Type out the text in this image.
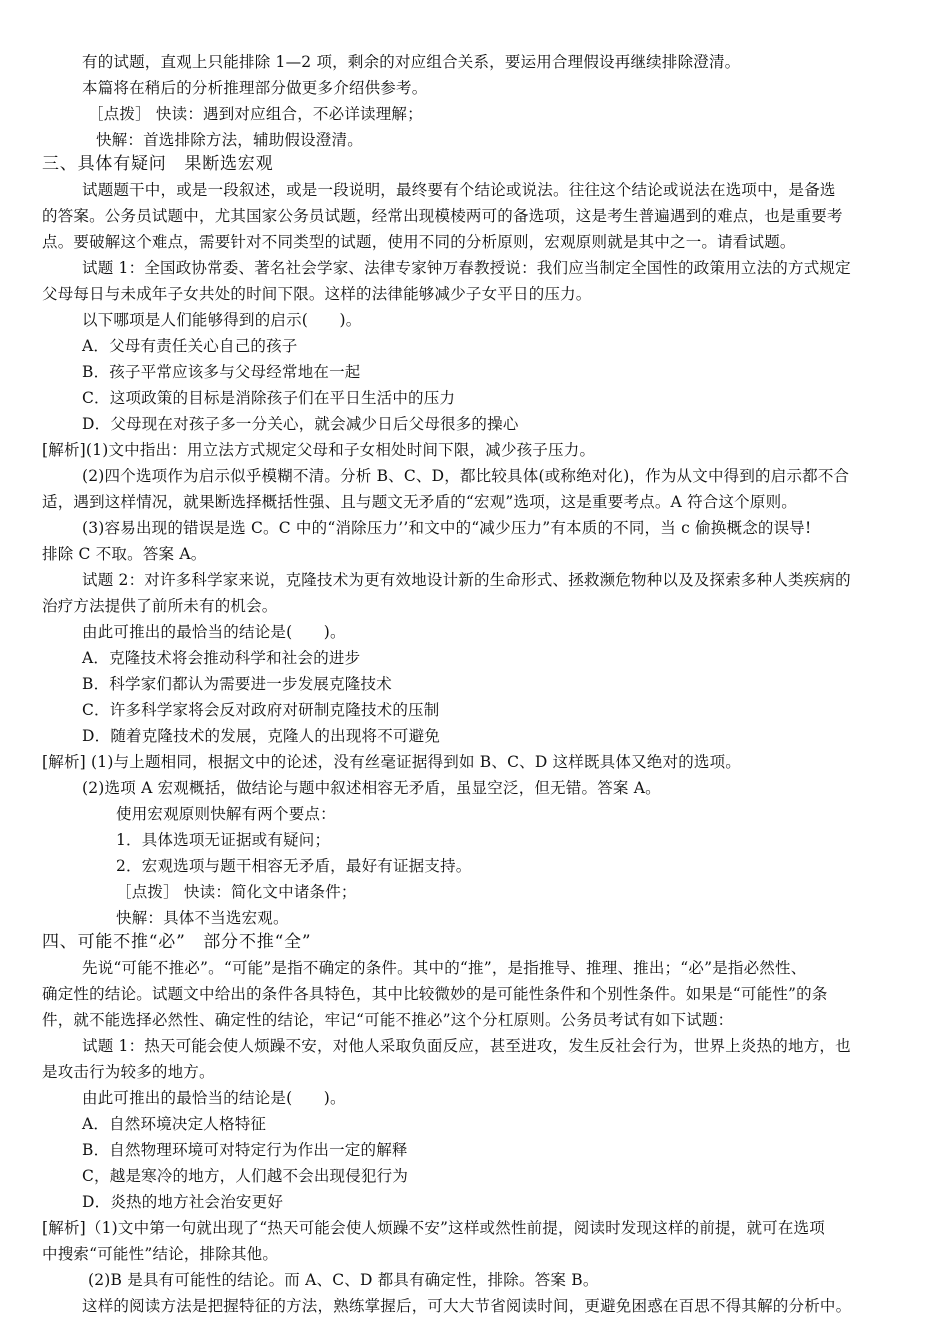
有的试题，直观上只能排除 1—2 项，剩余的对应组合关系，要运用合理假设再继续排除澄清。
本篇将在稍后的分析推理部分做更多介绍供参考。
［点拨］ 快读：遇到对应组合，不必详读理解；
快解：首选排除方法，辅助假设澄清。
三、具体有疑问　果断选宏观
试题题干中，或是一段叙述，或是一段说明，最终要有个结论或说法。往往这个结论或说法在选项中，是备选
的答案。公务员试题中，尤其国家公务员试题，经常出现模棱两可的备选项，这是考生普遍遇到的难点，也是重要考
点。要破解这个难点，需要针对不同类型的试题，使用不同的分析原则，宏观原则就是其中之一。请看试题。
试题 1：全国政协常委、著名社会学家、法律专家钟万春教授说：我们应当制定全国性的政策用立法的方式规定
父母每日与未成年子女共处的时间下限。这样的法律能够减少子女平日的压力。
以下哪项是人们能够得到的启示(　　)。
A．父母有责任关心自己的孩子
B．孩子平常应该多与父母经常地在一起
C．这项政策的目标是消除孩子们在平日生活中的压力
D．父母现在对孩子多一分关心，就会减少日后父母很多的操心
[解析](1)文中指出：用立法方式规定父母和子女相处时间下限，减少孩子压力。
(2)四个选项作为启示似乎模糊不清。分析 B、C、D，都比较具体(或称绝对化)，作为从文中得到的启示都不合
适，遇到这样情况，就果断选择概括性强、且与题文无矛盾的“宏观”选项，这是重要考点。A 符合这个原则。
(3)容易出现的错误是选 C。C 中的“消除压力’’和文中的“减少压力”有本质的不同，当 c 偷换概念的误导!
排除 C 不取。答案 A。
试题 2：对许多科学家来说，克隆技术为更有效地设计新的生命形式、拯救濒危物种以及及探索多种人类疾病的
治疗方法提供了前所未有的机会。
由此可推出的最恰当的结论是(　　)。
A．克隆技术将会推动科学和社会的进步
B．科学家们都认为需要进一步发展克隆技术
C．许多科学家将会反对政府对研制克隆技术的压制
D．随着克隆技术的发展，克隆人的出现将不可避免
[解析] (1)与上题相同，根据文中的论述，没有丝毫证据得到如 B、C、D 这样既具体又绝对的选项。
(2)选项 A 宏观概括，做结论与题中叙述相容无矛盾，虽显空泛，但无错。答案 A。
使用宏观原则快解有两个要点：
1．具体选项无证据或有疑问；
2．宏观选项与题干相容无矛盾，最好有证据支持。
［点拨］ 快读：简化文中诸条件；
快解：具体不当选宏观。
四、可能不推“必”　部分不推“全”
先说“可能不推必”。“可能”是指不确定的条件。其中的“推”，是指推导、推理、推出；“必”是指必然性、
确定性的结论。试题文中给出的条件各具特色，其中比较微妙的是可能性条件和个别性条件。如果是“可能性”的条
件，就不能选择必然性、确定性的结论，牢记“可能不推必”这个分杠原则。公务员考试有如下试题：
试题 1：热天可能会使人烦躁不安，对他人采取负面反应，甚至进攻，发生反社会行为，世界上炎热的地方，也
是攻击行为较多的地方。
由此可推出的最恰当的结论是(　　)。
A．自然环境决定人格特征
B．自然物理环境可对特定行为作出一定的解释
C，越是寒冷的地方，人们越不会出现侵犯行为
D．炎热的地方社会治安更好
[解析]（1)文中第一句就出现了“热天可能会使人烦躁不安”这样或然性前提，阅读时发现这样的前提，就可在选项
中搜索“可能性”结论，排除其他。
(2)B 是具有可能性的结论。而 A、C、D 都具有确定性，排除。答案 B。
这样的阅读方法是把握特征的方法，熟练掌握后，可大大节省阅读时间，更避免困惑在百思不得其解的分析中。
